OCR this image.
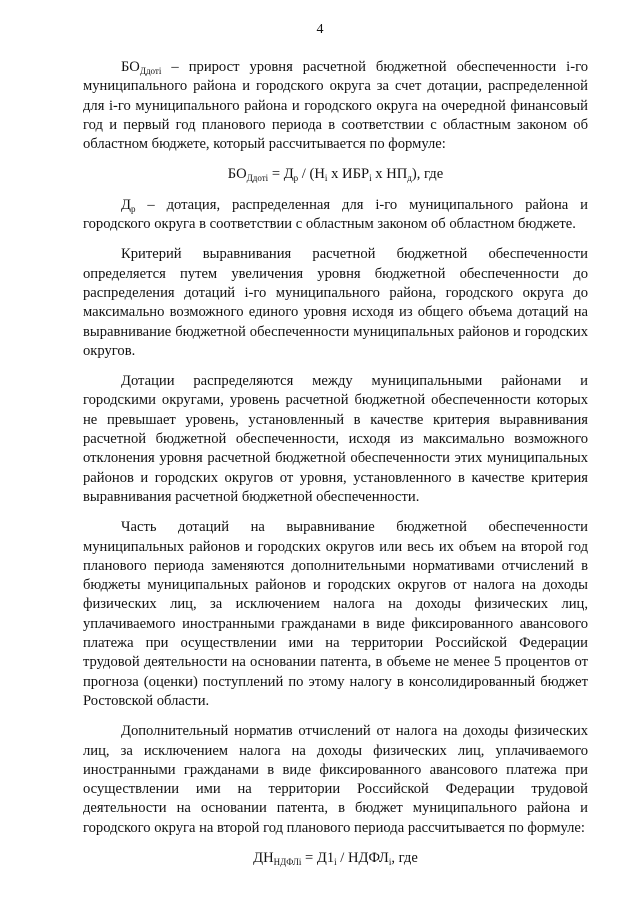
4

$БО_{Ддотi}$ – прирост уровня расчетной бюджетной обеспеченности i-го муниципального района и городского округа за счет дотации, распределенной для i-го муниципального района и городского округа на очередной финансовый год и первый год планового периода в соответствии с областным законом об областном бюджете, который рассчитывается по формуле:

$БО_{Ддотi} = Д_р / (Н_i$ х $ИБР_i$ х $НП_д$), где

$Д_р$ – дотация, распределенная для i-го муниципального района и городского округа в соответствии с областным законом об областном бюджете.

Критерий выравнивания расчетной бюджетной обеспеченности определяется путем увеличения уровня бюджетной обеспеченности до распределения дотаций i-го муниципального района, городского округа до максимально возможного единого уровня исходя из общего объема дотаций на выравнивание бюджетной обеспеченности муниципальных районов и городских округов.

Дотации распределяются между муниципальными районами и городскими округами, уровень расчетной бюджетной обеспеченности которых не превышает уровень, установленный в качестве критерия выравнивания расчетной бюджетной обеспеченности, исходя из максимально возможного отклонения уровня расчетной бюджетной обеспеченности этих муниципальных районов и городских округов от уровня, установленного в качестве критерия выравнивания расчетной бюджетной обеспеченности.

Часть дотаций на выравнивание бюджетной обеспеченности муниципальных районов и городских округов или весь их объем на второй год планового периода заменяются дополнительными нормативами отчислений в бюджеты муниципальных районов и городских округов от налога на доходы физических лиц, за исключением налога на доходы физических лиц, уплачиваемого иностранными гражданами в виде фиксированного авансового платежа при осуществлении ими на территории Российской Федерации трудовой деятельности на основании патента, в объеме не менее 5 процентов от прогноза (оценки) поступлений по этому налогу в консолидированный бюджет Ростовской области.

Дополнительный норматив отчислений от налога на доходы физических лиц, за исключением налога на доходы физических лиц, уплачиваемого иностранными гражданами в виде фиксированного авансового платежа при осуществлении ими на территории Российской Федерации трудовой деятельности на основании патента, в бюджет муниципального района и городского округа на второй год планового периода рассчитывается по формуле:

$ДН_{НДФЛi} = Д1_i$ / $НДФЛ_i$, где
